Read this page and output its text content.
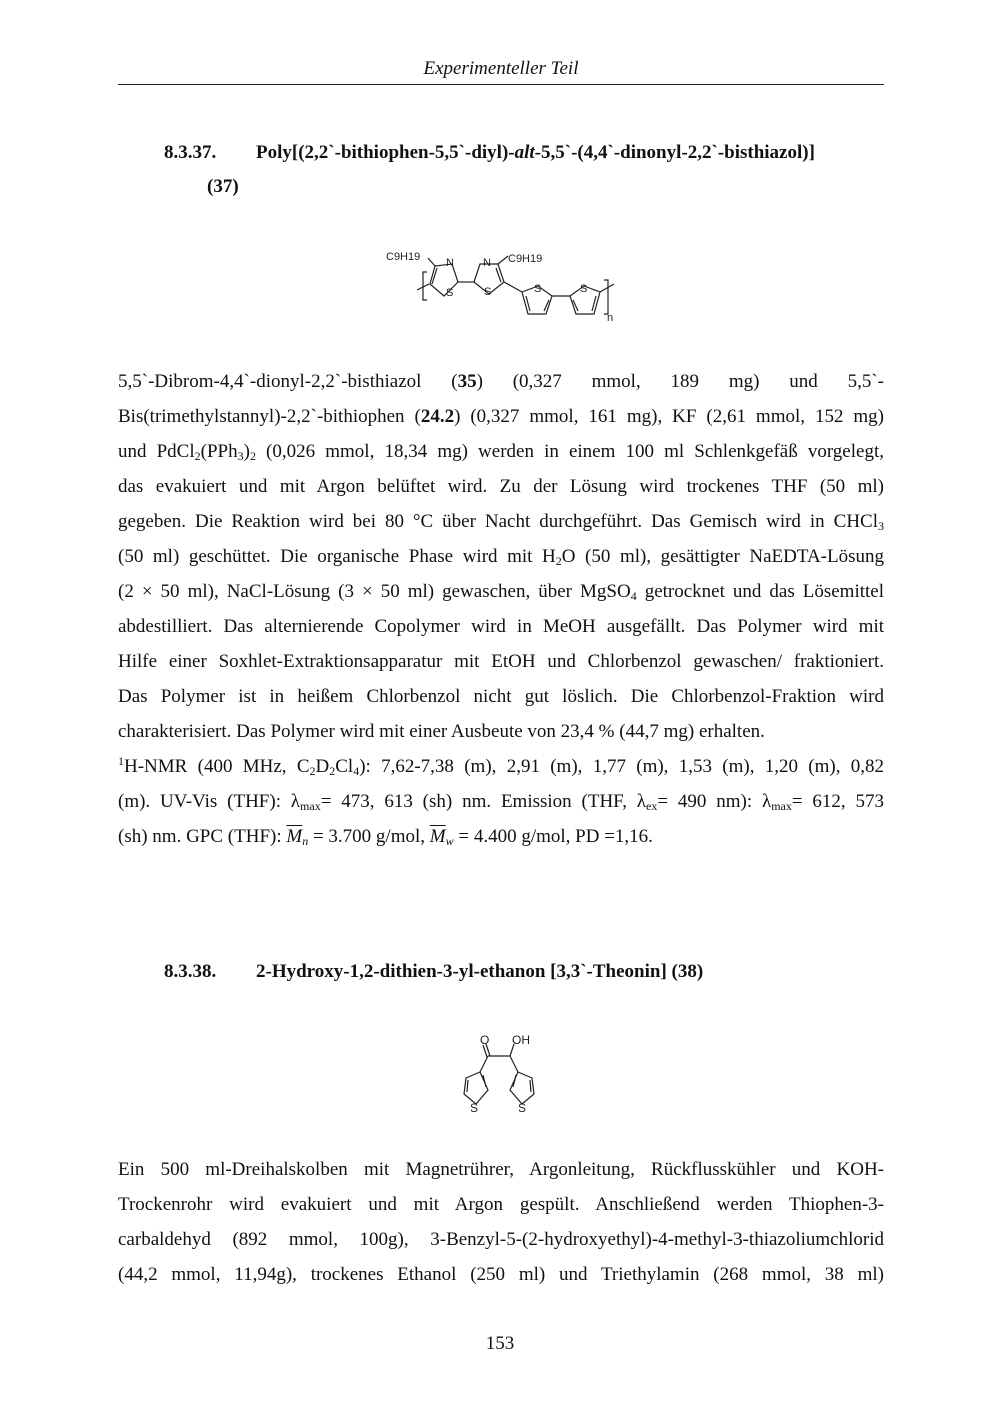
Experimenteller Teil
8.3.37. Poly[(2,2`-bithiophen-5,5`-diyl)-alt-5,5`-(4,4`-dinonyl-2,2`-bisthiazol)]
(37)
C9H19 N
S
N
S
C9H19
S	S
n
5,5`-Dibrom-4,4`-dionyl-2,2`-bisthiazol (35) (0,327 mmol, 189 mg) und 5,5`-
Bis(trimethylstannyl)-2,2`-bithiophen (24.2) (0,327 mmol, 161 mg), KF (2,61 mmol, 152 mg)
und $PdCl_2(PPh_3)_2$ (0,026 mmol, 18,34 mg) werden in einem 100 ml Schlenkgefäß vorgelegt,
das evakuiert und mit Argon belüftet wird. Zu der Lösung wird trockenes THF (50 ml)
gegeben. Die Reaktion wird bei 80 °C über Nacht durchgeführt. Das Gemisch wird in CHCl$_3$
(50 ml) geschüttet. Die organische Phase wird mit $H_2O$ (50 ml), gesättigter NaEDTA-Lösung
(2 × 50 ml), NaCl-Lösung (3 × 50 ml) gewaschen, über MgSO$_4$ getrocknet und das Lösemittel
abdestilliert. Das alternierende Copolymer wird in MeOH ausgefällt. Das Polymer wird mit
Hilfe einer Soxhlet-Extraktionsapparatur mit EtOH und Chlorbenzol gewaschen/ fraktioniert.
Das Polymer ist in heißem Chlorbenzol nicht gut löslich. Die Chlorbenzol-Fraktion wird
charakterisiert. Das Polymer wird mit einer Ausbeute von 23,4 % (44,7 mg) erhalten.
$^1$H-NMR (400 MHz, $C_2D_2Cl_4$): 7,62-7,38 (m), 2,91 (m), 1,77 (m), 1,53 (m), 1,20 (m), 0,82
(m). UV-Vis (THF): $\lambda_{max}= 473$, 613 (sh) nm. Emission (THF, $\lambda_{ex}= 490$ nm): $\lambda_{max}= 612$, 573
(sh) nm. GPC (THF): $\overline{M}_n = 3.700$ g/mol, $\overline{M}_w = 4.400$ g/mol, PD =1,16.
8.3.38. 2-Hydroxy-1,2-dithien-3-yl-ethanon [3,3`-Theonin] (38)
O OH
S	S
Ein 500 ml-Dreihalskolben mit Magnetrührer, Argonleitung, Rückflusskühler und KOH-
Trockenrohr wird evakuiert und mit Argon gespült. Anschließend werden Thiophen-3-
carbaldehyd (892 mmol, 100g), 3-Benzyl-5-(2-hydroxyethyl)-4-methyl-3-thiazoliumchlorid
(44,2 mmol, 11,94g), trockenes Ethanol (250 ml) und Triethylamin (268 mmol, 38 ml)
153
